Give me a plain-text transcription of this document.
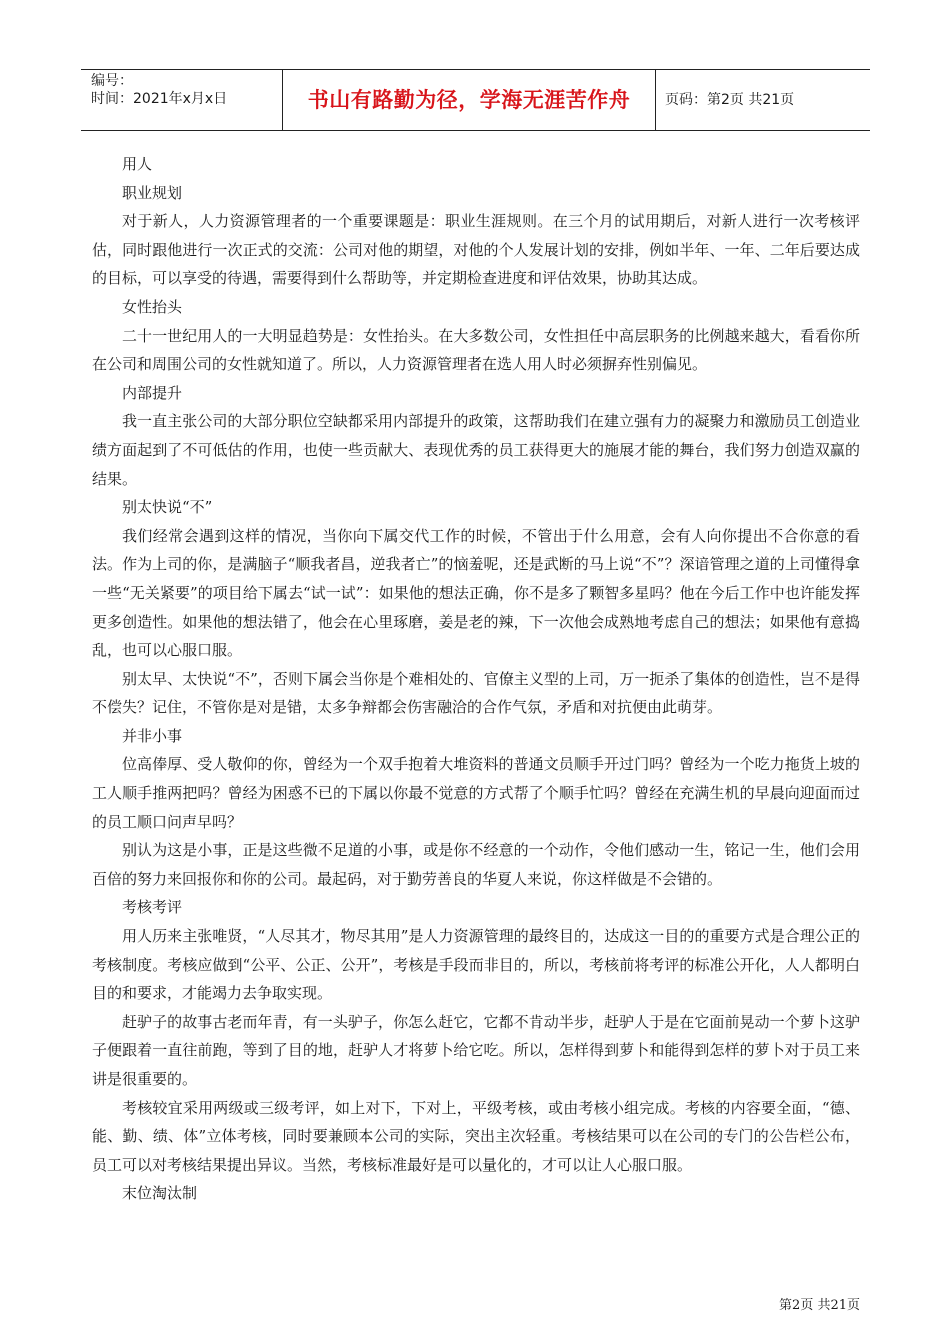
编号：
时间：2021年x月x日	书山有路勤为径，学海无涯苦作舟	页码：第2页 共21页

用人

职业规划

对于新人，人力资源管理者的一个重要课题是：职业生涯规则。在三个月的试用期后，对新人进行一次考核评估，同时跟他进行一次正式的交流：公司对他的期望，对他的个人发展计划的安排，例如半年、一年、二年后要达成的目标，可以享受的待遇，需要得到什么帮助等，并定期检查进度和评估效果，协助其达成。

女性抬头

二十一世纪用人的一大明显趋势是：女性抬头。在大多数公司，女性担任中高层职务的比例越来越大，看看你所在公司和周围公司的女性就知道了。所以，人力资源管理者在选人用人时必须摒弃性别偏见。

内部提升

我一直主张公司的大部分职位空缺都采用内部提升的政策，这帮助我们在建立强有力的凝聚力和激励员工创造业绩方面起到了不可低估的作用，也使一些贡献大、表现优秀的员工获得更大的施展才能的舞台，我们努力创造双赢的结果。

别太快说“不”

我们经常会遇到这样的情况，当你向下属交代工作的时候，不管出于什么用意，会有人向你提出不合你意的看法。作为上司的你，是满脑子“顺我者昌，逆我者亡”的恼羞呢，还是武断的马上说“不”？深谙管理之道的上司懂得拿一些“无关紧要”的项目给下属去“试一试”：如果他的想法正确，你不是多了颗智多星吗？他在今后工作中也许能发挥更多创造性。如果他的想法错了，他会在心里琢磨，姜是老的辣，下一次他会成熟地考虑自己的想法；如果他有意捣乱，也可以心服口服。

别太早、太快说“不”，否则下属会当你是个难相处的、官僚主义型的上司，万一扼杀了集体的创造性，岂不是得不偿失？记住，不管你是对是错，太多争辩都会伤害融洽的合作气氛，矛盾和对抗便由此萌芽。

并非小事

位高俸厚、受人敬仰的你，曾经为一个双手抱着大堆资料的普通文员顺手开过门吗？曾经为一个吃力拖货上坡的工人顺手推两把吗？曾经为困惑不已的下属以你最不觉意的方式帮了个顺手忙吗？曾经在充满生机的早晨向迎面而过的员工顺口问声早吗？

别认为这是小事，正是这些微不足道的小事，或是你不经意的一个动作，令他们感动一生，铭记一生，他们会用百倍的努力来回报你和你的公司。最起码，对于勤劳善良的华夏人来说，你这样做是不会错的。

考核考评

用人历来主张唯贤，“人尽其才，物尽其用”是人力资源管理的最终目的，达成这一目的的重要方式是合理公正的考核制度。考核应做到“公平、公正、公开”，考核是手段而非目的，所以，考核前将考评的标准公开化，人人都明白目的和要求，才能竭力去争取实现。

赶驴子的故事古老而年青，有一头驴子，你怎么赶它，它都不肯动半步，赶驴人于是在它面前晃动一个萝卜这驴子便跟着一直往前跑，等到了目的地，赶驴人才将萝卜给它吃。所以，怎样得到萝卜和能得到怎样的萝卜对于员工来讲是很重要的。

考核较宜采用两级或三级考评，如上对下，下对上，平级考核，或由考核小组完成。考核的内容要全面，“德、能、勤、绩、体”立体考核，同时要兼顾本公司的实际，突出主次轻重。考核结果可以在公司的专门的公告栏公布，员工可以对考核结果提出异议。当然，考核标准最好是可以量化的，才可以让人心服口服。

末位淘汰制

第2页 共21页
